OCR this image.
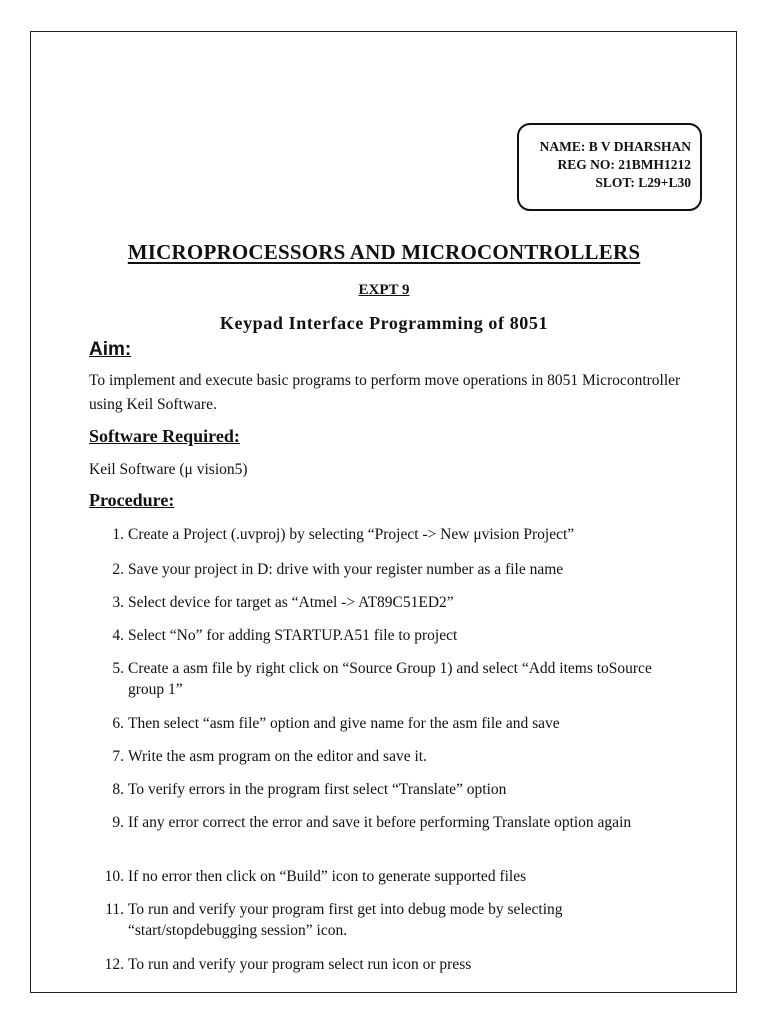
NAME: B V DHARSHAN
REG NO: 21BMH1212
SLOT: L29+L30
MICROPROCESSORS AND MICROCONTROLLERS
EXPT 9
Keypad Interface Programming of 8051
Aim:
To implement and execute basic programs to perform move operations in 8051 Microcontroller using Keil Software.
Software Required:
Keil Software (μ vision5)
Procedure:
1. Create a Project (.uvproj) by selecting “Project -> New μvision Project”
2. Save your project in D: drive with your register number as a file name
3. Select device for target as “Atmel -> AT89C51ED2”
4. Select “No” for adding STARTUP.A51 file to project
5. Create a asm file by right click on “Source Group 1) and select “Add items toSource group 1”
6. Then select “asm file” option and give name for the asm file and save
7. Write the asm program on the editor and save it.
8. To verify errors in the program first select “Translate” option
9. If any error correct the error and save it before performing Translate option again
10. If no error then click on “Build” icon to generate supported files
11. To run and verify your program first get into debug mode by selecting “start/stopdebugging session” icon.
12. To run and verify your program select run icon or press
